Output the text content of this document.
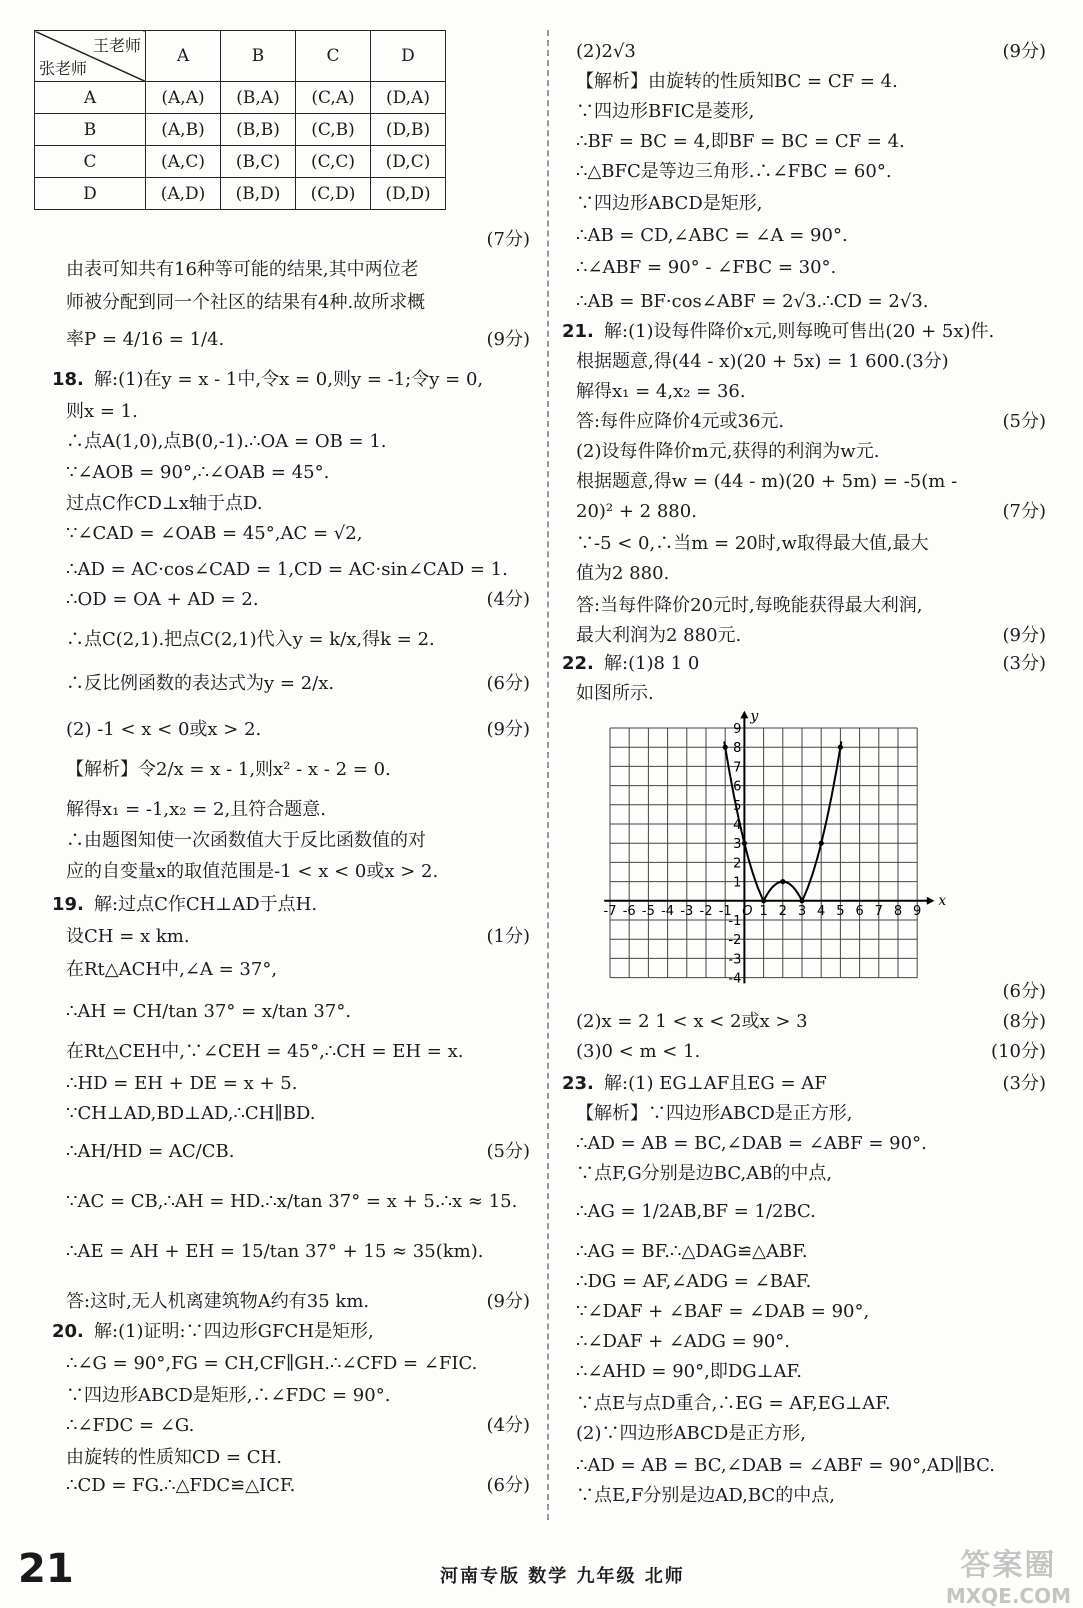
王老师
张老师	A	B	C	D
A	(A,A)	(B,A)	(C,A)	(D,A)
B	(A,B)	(B,B)	(C,B)	(D,B)
C	(A,C)	(B,C)	(C,C)	(D,C)
D	(A,D)	(B,D)	(C,D)	(D,D)
(7分)
由表可知共有16种等可能的结果,其中两位老
师被分配到同一个社区的结果有4种.故所求概
率P = 4/16 = 1/4.	(9分)
18. 解:(1)在y = x - 1中,令x = 0,则y = -1;令y = 0,
则x = 1.
∴点A(1,0),点B(0,-1).∴OA = OB = 1.
∵∠AOB = 90°,∴∠OAB = 45°.
过点C作CD⊥x轴于点D.
∵∠CAD = ∠OAB = 45°,AC = √2,
∴AD = AC·cos∠CAD = 1,CD = AC·sin∠CAD = 1.
∴OD = OA + AD = 2.	(4分)
∴点C(2,1).把点C(2,1)代入y = k/x,得k = 2.
∴反比例函数的表达式为y = 2/x.	(6分)
(2) -1 < x < 0或x > 2.	(9分)
【解析】令2/x = x - 1,则x² - x - 2 = 0.
解得x₁ = -1,x₂ = 2,且符合题意.
∴由题图知使一次函数值大于反比函数值的对
应的自变量x的取值范围是-1 < x < 0或x > 2.
19. 解:过点C作CH⊥AD于点H.
设CH = x km.	(1分)
在Rt△ACH中,∠A = 37°,
∴AH = CH/tan 37° = x/tan 37°.
在Rt△CEH中,∵∠CEH = 45°,∴CH = EH = x.
∴HD = EH + DE = x + 5.
∵CH⊥AD,BD⊥AD,∴CH∥BD.
∴AH/HD = AC/CB.	(5分)
∵AC = CB,∴AH = HD.∴x/tan 37° = x + 5.∴x ≈ 15.
∴AE = AH + EH = 15/tan 37° + 15 ≈ 35(km).
答:这时,无人机离建筑物A约有35 km.	(9分)
20. 解:(1)证明:∵四边形GFCH是矩形,
∴∠G = 90°,FG = CH,CF∥GH.∴∠CFD = ∠FIC.
∵四边形ABCD是矩形,∴∠FDC = 90°.
∴∠FDC = ∠G.	(4分)
由旋转的性质知CD = CH.
∴CD = FG.∴△FDC≌△ICF.	(6分)
(2)2√3	(9分)
【解析】由旋转的性质知BC = CF = 4.
∵四边形BFIC是菱形,
∴BF = BC = 4,即BF = BC = CF = 4.
∴△BFC是等边三角形.∴∠FBC = 60°.
∵四边形ABCD是矩形,
∴AB = CD,∠ABC = ∠A = 90°.
∴∠ABF = 90° - ∠FBC = 30°.
∴AB = BF·cos∠ABF = 2√3.∴CD = 2√3.
21. 解:(1)设每件降价x元,则每晚可售出(20 + 5x)件.
根据题意,得(44 - x)(20 + 5x) = 1 600.(3分)
解得x₁ = 4,x₂ = 36.
答:每件应降价4元或36元.	(5分)
(2)设每件降价m元,获得的利润为w元.
根据题意,得w = (44 - m)(20 + 5m) = -5(m -
20)² + 2 880.	(7分)
∵-5 < 0,∴当m = 20时,w取得最大值,最大
值为2 880.
答:当每件降价20元时,每晚能获得最大利润,
最大利润为2 880元.	(9分)
22. 解:(1)8 1 0	(3分)
如图所示.
(6分)
(2)x = 2 1 < x < 2或x > 3	(8分)
(3)0 < m < 1.	(10分)
23. 解:(1) EG⊥AF且EG = AF	(3分)
【解析】∵四边形ABCD是正方形,
∴AD = AB = BC,∠DAB = ∠ABF = 90°.
∵点F,G分别是边BC,AB的中点,
∴AG = 1/2AB,BF = 1/2BC.
∴AG = BF.∴△DAG≌△ABF.
∴DG = AF,∠ADG = ∠BAF.
∵∠DAF + ∠BAF = ∠DAB = 90°,
∴∠DAF + ∠ADG = 90°.
∴∠AHD = 90°,即DG⊥AF.
∵点E与点D重合,∴EG = AF,EG⊥AF.
(2)∵四边形ABCD是正方形,
∴AD = AB = BC,∠DAB = ∠ABF = 90°,AD∥BC.
∵点E,F分别是边AD,BC的中点,
x
y
-7 -6 -5 -4 -3 -2 -1 O 1 2 3 4 5 6 7 8 9
9
8
7
6
5
4
3
2
1
-1
-2
-3
-4
21	河南专版 数学 九年级 北师	答案圈
MXQE.COM
